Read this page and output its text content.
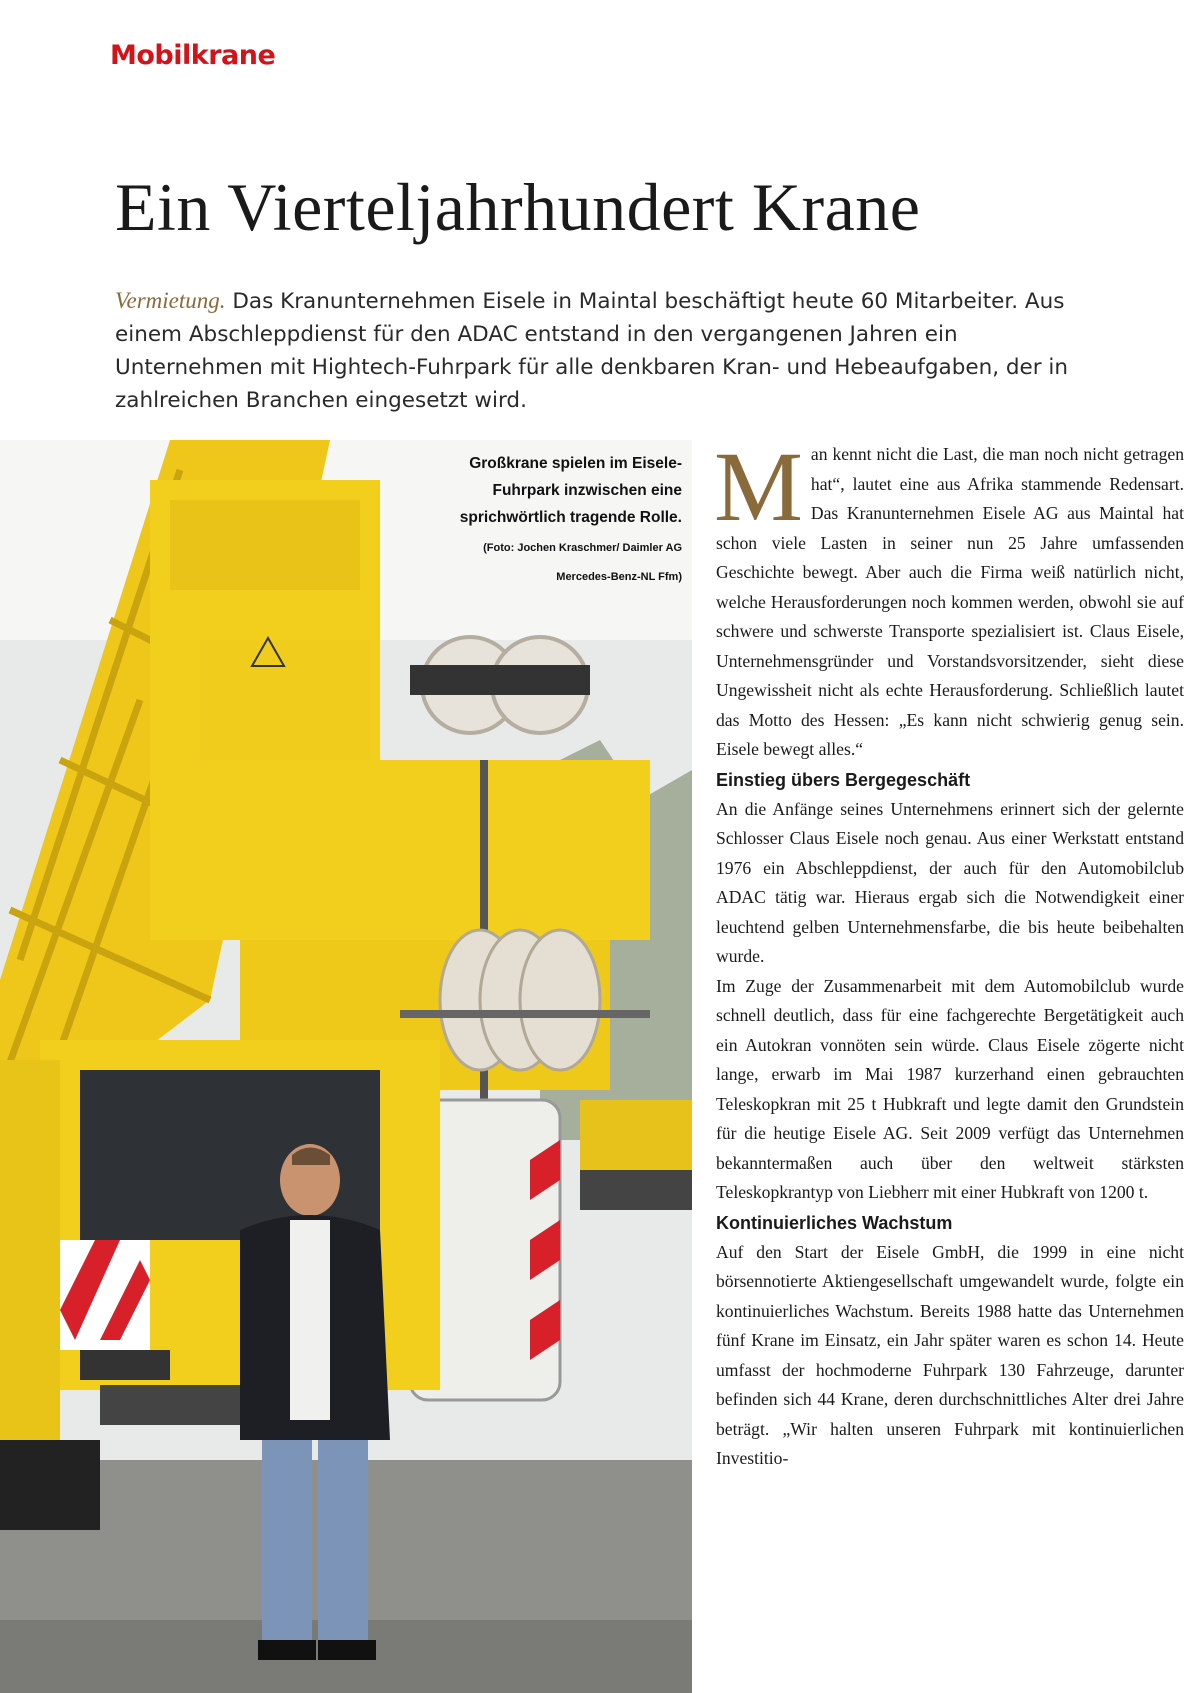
Mobilkrane
Ein Vierteljahrhundert Krane
Vermietung. Das Kranunternehmen Eisele in Maintal beschäftigt heute 60 Mitarbeiter. Aus einem Abschleppdienst für den ADAC entstand in den vergangenen Jahren ein Unternehmen mit Hightech-Fuhrpark für alle denkbaren Kran- und Hebeaufgaben, der in zahlreichen Branchen eingesetzt wird.
Großkrane spielen im Eisele-Fuhrpark inzwischen eine sprichwörtlich tragende Rolle. (Foto: Jochen Kraschmer/ Daimler AG Mercedes-Benz-NL Ffm)

Man kennt nicht die Last, die man noch nicht getragen hat“, lautet eine aus Afrika stammende Redensart. Das Kranunternehmen Eisele AG aus Maintal hat schon viele Lasten in seiner nun 25 Jahre umfassenden Geschichte bewegt. Aber auch die Firma weiß natürlich nicht, welche Herausforderungen noch kommen werden, obwohl sie auf schwere und schwerste Transporte spezialisiert ist. Claus Eisele, Unternehmensgründer und Vorstandsvorsitzender, sieht diese Ungewissheit nicht als echte Herausforderung. Schließlich lautet das Motto des Hessen: „Es kann nicht schwierig genug sein. Eisele bewegt alles.“

Einstieg übers Bergegeschäft

An die Anfänge seines Unternehmens erinnert sich der gelernte Schlosser Claus Eisele noch genau. Aus einer Werkstatt entstand 1976 ein Abschleppdienst, der auch für den Automobilclub ADAC tätig war. Hieraus ergab sich die Notwendigkeit einer leuchtend gelben Unternehmensfarbe, die bis heute beibehalten wurde.

Im Zuge der Zusammenarbeit mit dem Automobilclub wurde schnell deutlich, dass für eine fachgerechte Bergetätigkeit auch ein Autokran vonnöten sein würde. Claus Eisele zögerte nicht lange, erwarb im Mai 1987 kurzerhand einen gebrauchten Teleskopkran mit 25 t Hubkraft und legte damit den Grundstein für die heutige Eisele AG. Seit 2009 verfügt das Unternehmen bekanntermaßen auch über den weltweit stärksten Teleskopkrantyp von Liebherr mit einer Hubkraft von 1200 t.

Kontinuierliches Wachstum

Auf den Start der Eisele GmbH, die 1999 in eine nicht börsennotierte Aktiengesellschaft umgewandelt wurde, folgte ein kontinuierliches Wachstum. Bereits 1988 hatte das Unternehmen fünf Krane im Einsatz, ein Jahr später waren es schon 14. Heute umfasst der hochmoderne Fuhrpark 130 Fahrzeuge, darunter befinden sich 44 Krane, deren durchschnittliches Alter drei Jahre beträgt. „Wir halten unseren Fuhrpark mit kontinuierlichen Investitio-
